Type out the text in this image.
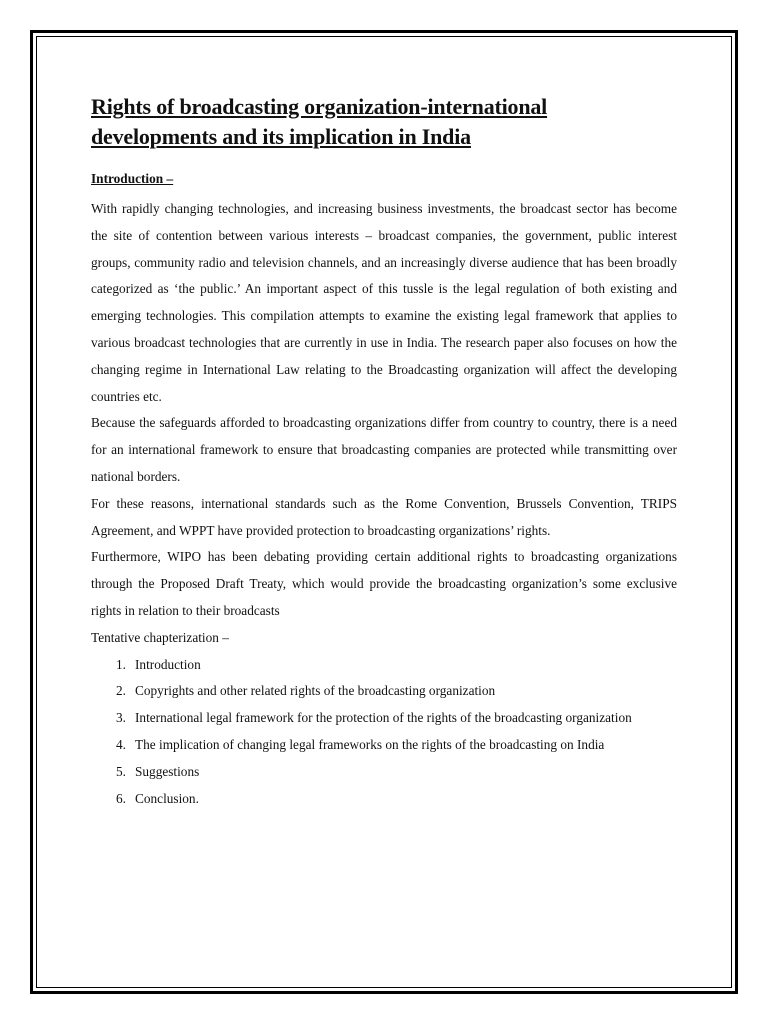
Rights of broadcasting organization-international developments and its implication in India
Introduction –

With rapidly changing technologies, and increasing business investments, the broadcast sector has become the site of contention between various interests – broadcast companies, the government, public interest groups, community radio and television channels, and an increasingly diverse audience that has been broadly categorized as ‘the public.’ An important aspect of this tussle is the legal regulation of both existing and emerging technologies. This compilation attempts to examine the existing legal framework that applies to various broadcast technologies that are currently in use in India. The research paper also focuses on how the changing regime in International Law relating to the Broadcasting organization will affect the developing countries etc.

Because the safeguards afforded to broadcasting organizations differ from country to country, there is a need for an international framework to ensure that broadcasting companies are protected while transmitting over national borders.

For these reasons, international standards such as the Rome Convention, Brussels Convention, TRIPS Agreement, and WPPT have provided protection to broadcasting organizations’ rights.

Furthermore, WIPO has been debating providing certain additional rights to broadcasting organizations through the Proposed Draft Treaty, which would provide the broadcasting organization’s some exclusive rights in relation to their broadcasts

Tentative chapterization –
1. Introduction
2. Copyrights and other related rights of the broadcasting organization
3. International legal framework for the protection of the rights of the broadcasting organization
4. The implication of changing legal frameworks on the rights of the broadcasting on India
5. Suggestions
6. Conclusion.
